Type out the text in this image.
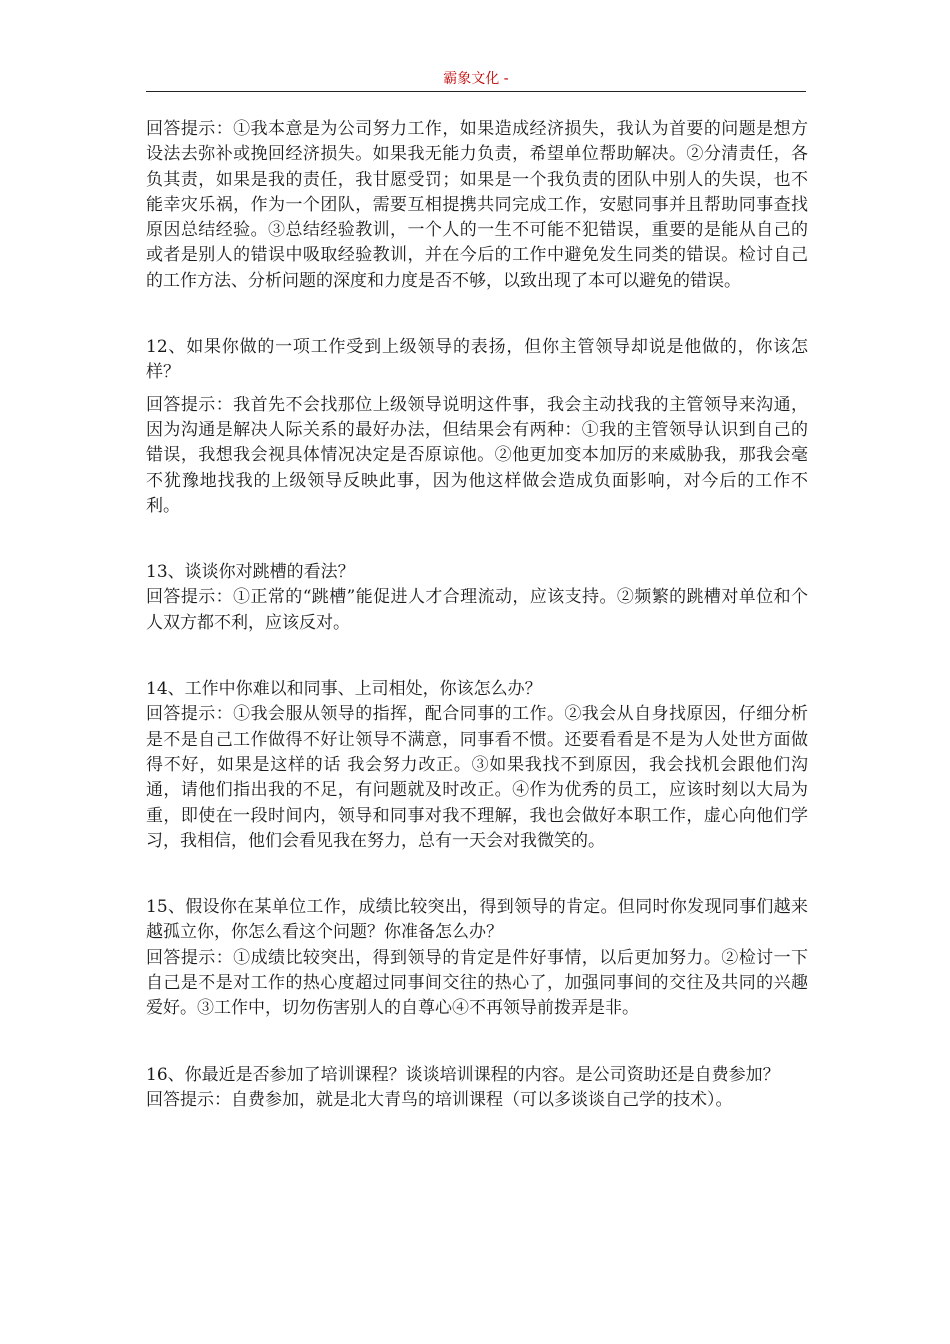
霸象文化 -

回答提示：①我本意是为公司努力工作，如果造成经济损失，我认为首要的问题是想方设法去弥补或挽回经济损失。如果我无能力负责，希望单位帮助解决。②分清责任，各负其责，如果是我的责任，我甘愿受罚；如果是一个我负责的团队中别人的失误，也不能幸灾乐祸，作为一个团队，需要互相提携共同完成工作，安慰同事并且帮助同事查找原因总结经验。③总结经验教训，一个人的一生不可能不犯错误，重要的是能从自己的或者是别人的错误中吸取经验教训，并在今后的工作中避免发生同类的错误。检讨自己的工作方法、分析问题的深度和力度是否不够，以致出现了本可以避免的错误。

12、如果你做的一项工作受到上级领导的表扬，但你主管领导却说是他做的，你该怎样？

回答提示：我首先不会找那位上级领导说明这件事，我会主动找我的主管领导来沟通，因为沟通是解决人际关系的最好办法，但结果会有两种：①我的主管领导认识到自己的错误，我想我会视具体情况决定是否原谅他。②他更加变本加厉的来威胁我，那我会毫不犹豫地找我的上级领导反映此事，因为他这样做会造成负面影响，对今后的工作不利。

13、谈谈你对跳槽的看法？

回答提示：①正常的“跳槽”能促进人才合理流动，应该支持。②频繁的跳槽对单位和个人双方都不利，应该反对。

14、工作中你难以和同事、上司相处，你该怎么办？

回答提示：①我会服从领导的指挥，配合同事的工作。②我会从自身找原因，仔细分析是不是自己工作做得不好让领导不满意，同事看不惯。还要看看是不是为人处世方面做得不好，如果是这样的话 我会努力改正。③如果我找不到原因，我会找机会跟他们沟通，请他们指出我的不足，有问题就及时改正。④作为优秀的员工，应该时刻以大局为重，即使在一段时间内，领导和同事对我不理解，我也会做好本职工作，虚心向他们学习，我相信，他们会看见我在努力，总有一天会对我微笑的。

15、假设你在某单位工作，成绩比较突出，得到领导的肯定。但同时你发现同事们越来越孤立你，你怎么看这个问题？你准备怎么办？

回答提示：①成绩比较突出，得到领导的肯定是件好事情，以后更加努力。②检讨一下自己是不是对工作的热心度超过同事间交往的热心了，加强同事间的交往及共同的兴趣爱好。③工作中，切勿伤害别人的自尊心④不再领导前拨弄是非。

16、你最近是否参加了培训课程？谈谈培训课程的内容。是公司资助还是自费参加？

回答提示：自费参加，就是北大青鸟的培训课程（可以多谈谈自己学的技术）。
